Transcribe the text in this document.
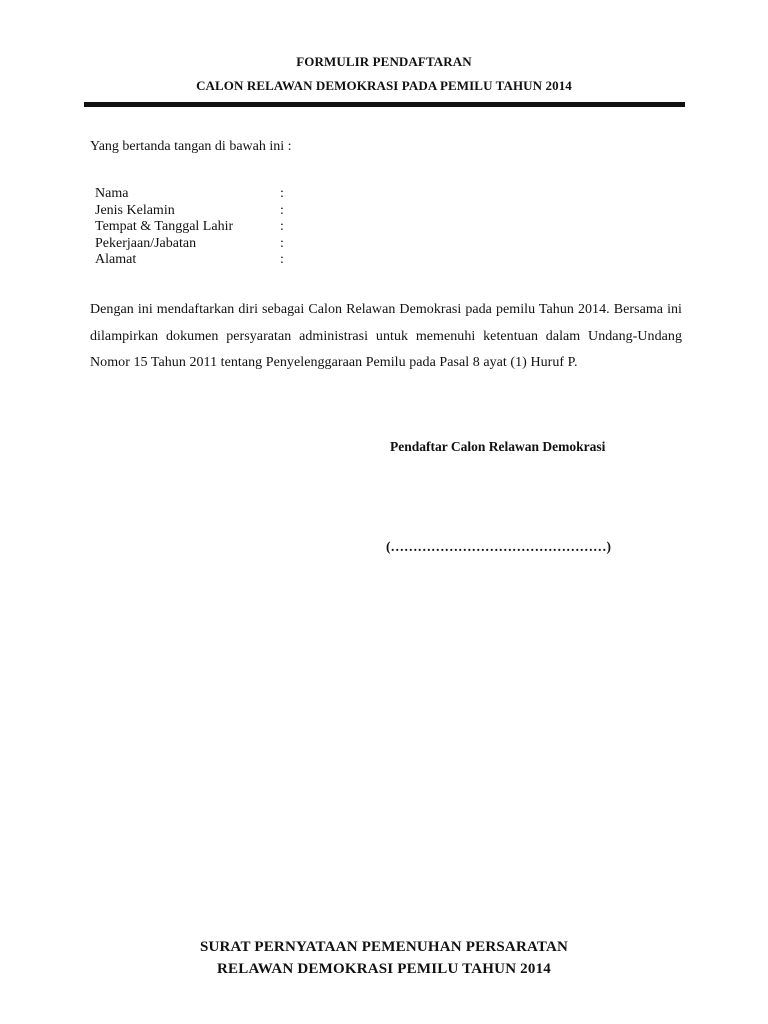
FORMULIR PENDAFTARAN
CALON RELAWAN DEMOKRASI PADA PEMILU TAHUN 2014
Yang bertanda tangan di bawah ini :
Nama	:
Jenis Kelamin	:
Tempat & Tanggal Lahir	:
Pekerjaan/Jabatan	:
Alamat	:
Dengan ini mendaftarkan diri sebagai Calon Relawan Demokrasi pada pemilu Tahun 2014. Bersama ini dilampirkan dokumen persyaratan administrasi untuk memenuhi ketentuan dalam Undang-Undang Nomor 15 Tahun 2011 tentang Penyelenggaraan Pemilu pada Pasal 8 ayat (1) Huruf P.
Pendaftar Calon Relawan Demokrasi
(…………………………………………)
SURAT PERNYATAAN PEMENUHAN PERSARATAN
RELAWAN DEMOKRASI PEMILU TAHUN 2014
